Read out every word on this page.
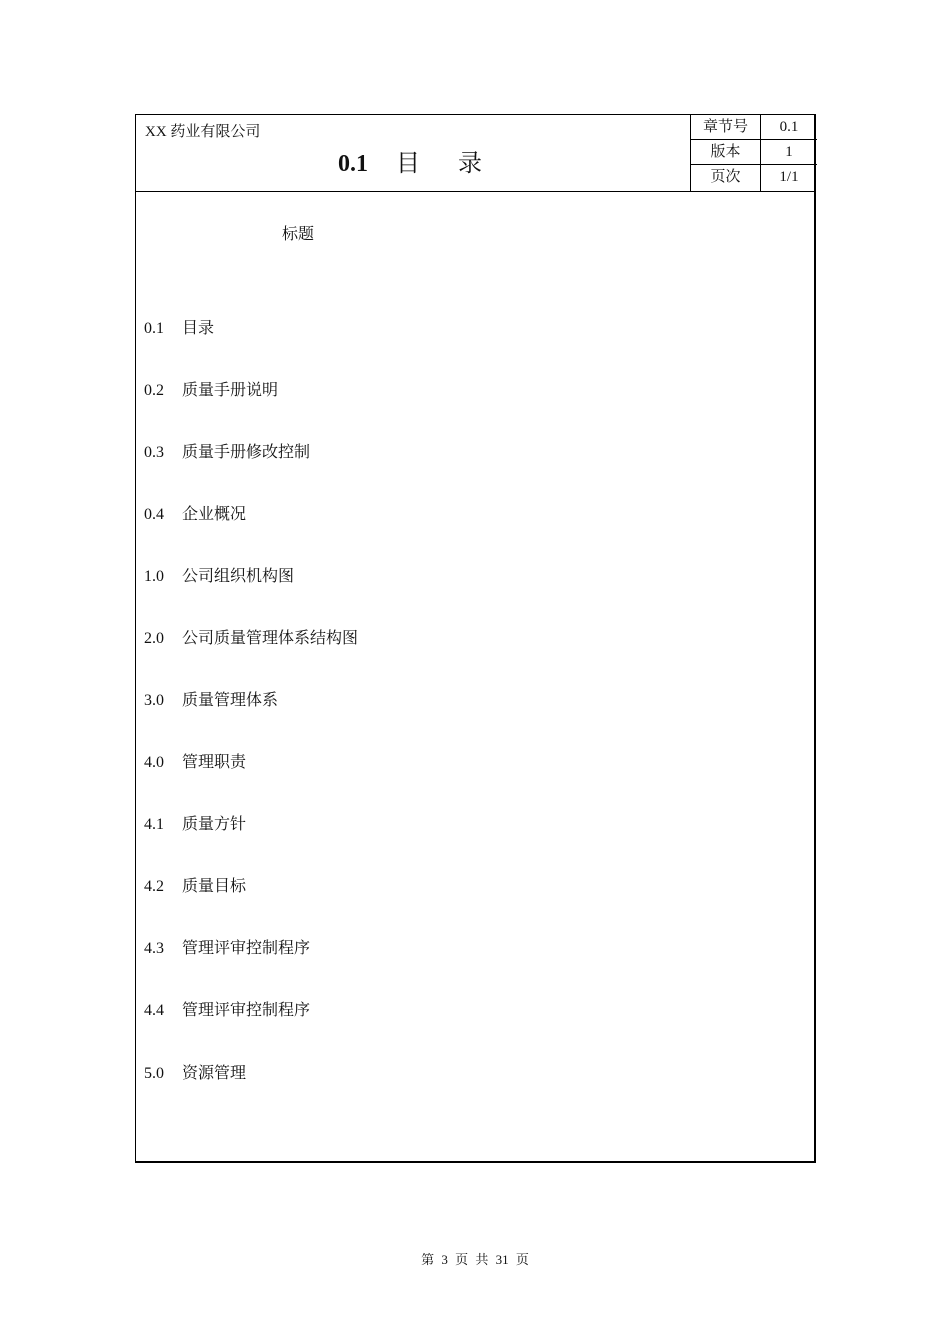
XX 药业有限公司
0.1 目 录
章节号	0.1
版本	1
页次	1/1
标题
0.1 目录
0.2 质量手册说明
0.3 质量手册修改控制
0.4 企业概况
1.0 公司组织机构图
2.0 公司质量管理体系结构图
3.0 质量管理体系
4.0 管理职责
4.1 质量方针
4.2 质量目标
4.3 管理评审控制程序
4.4 管理评审控制程序
5.0 资源管理
第 3 页 共 31 页
